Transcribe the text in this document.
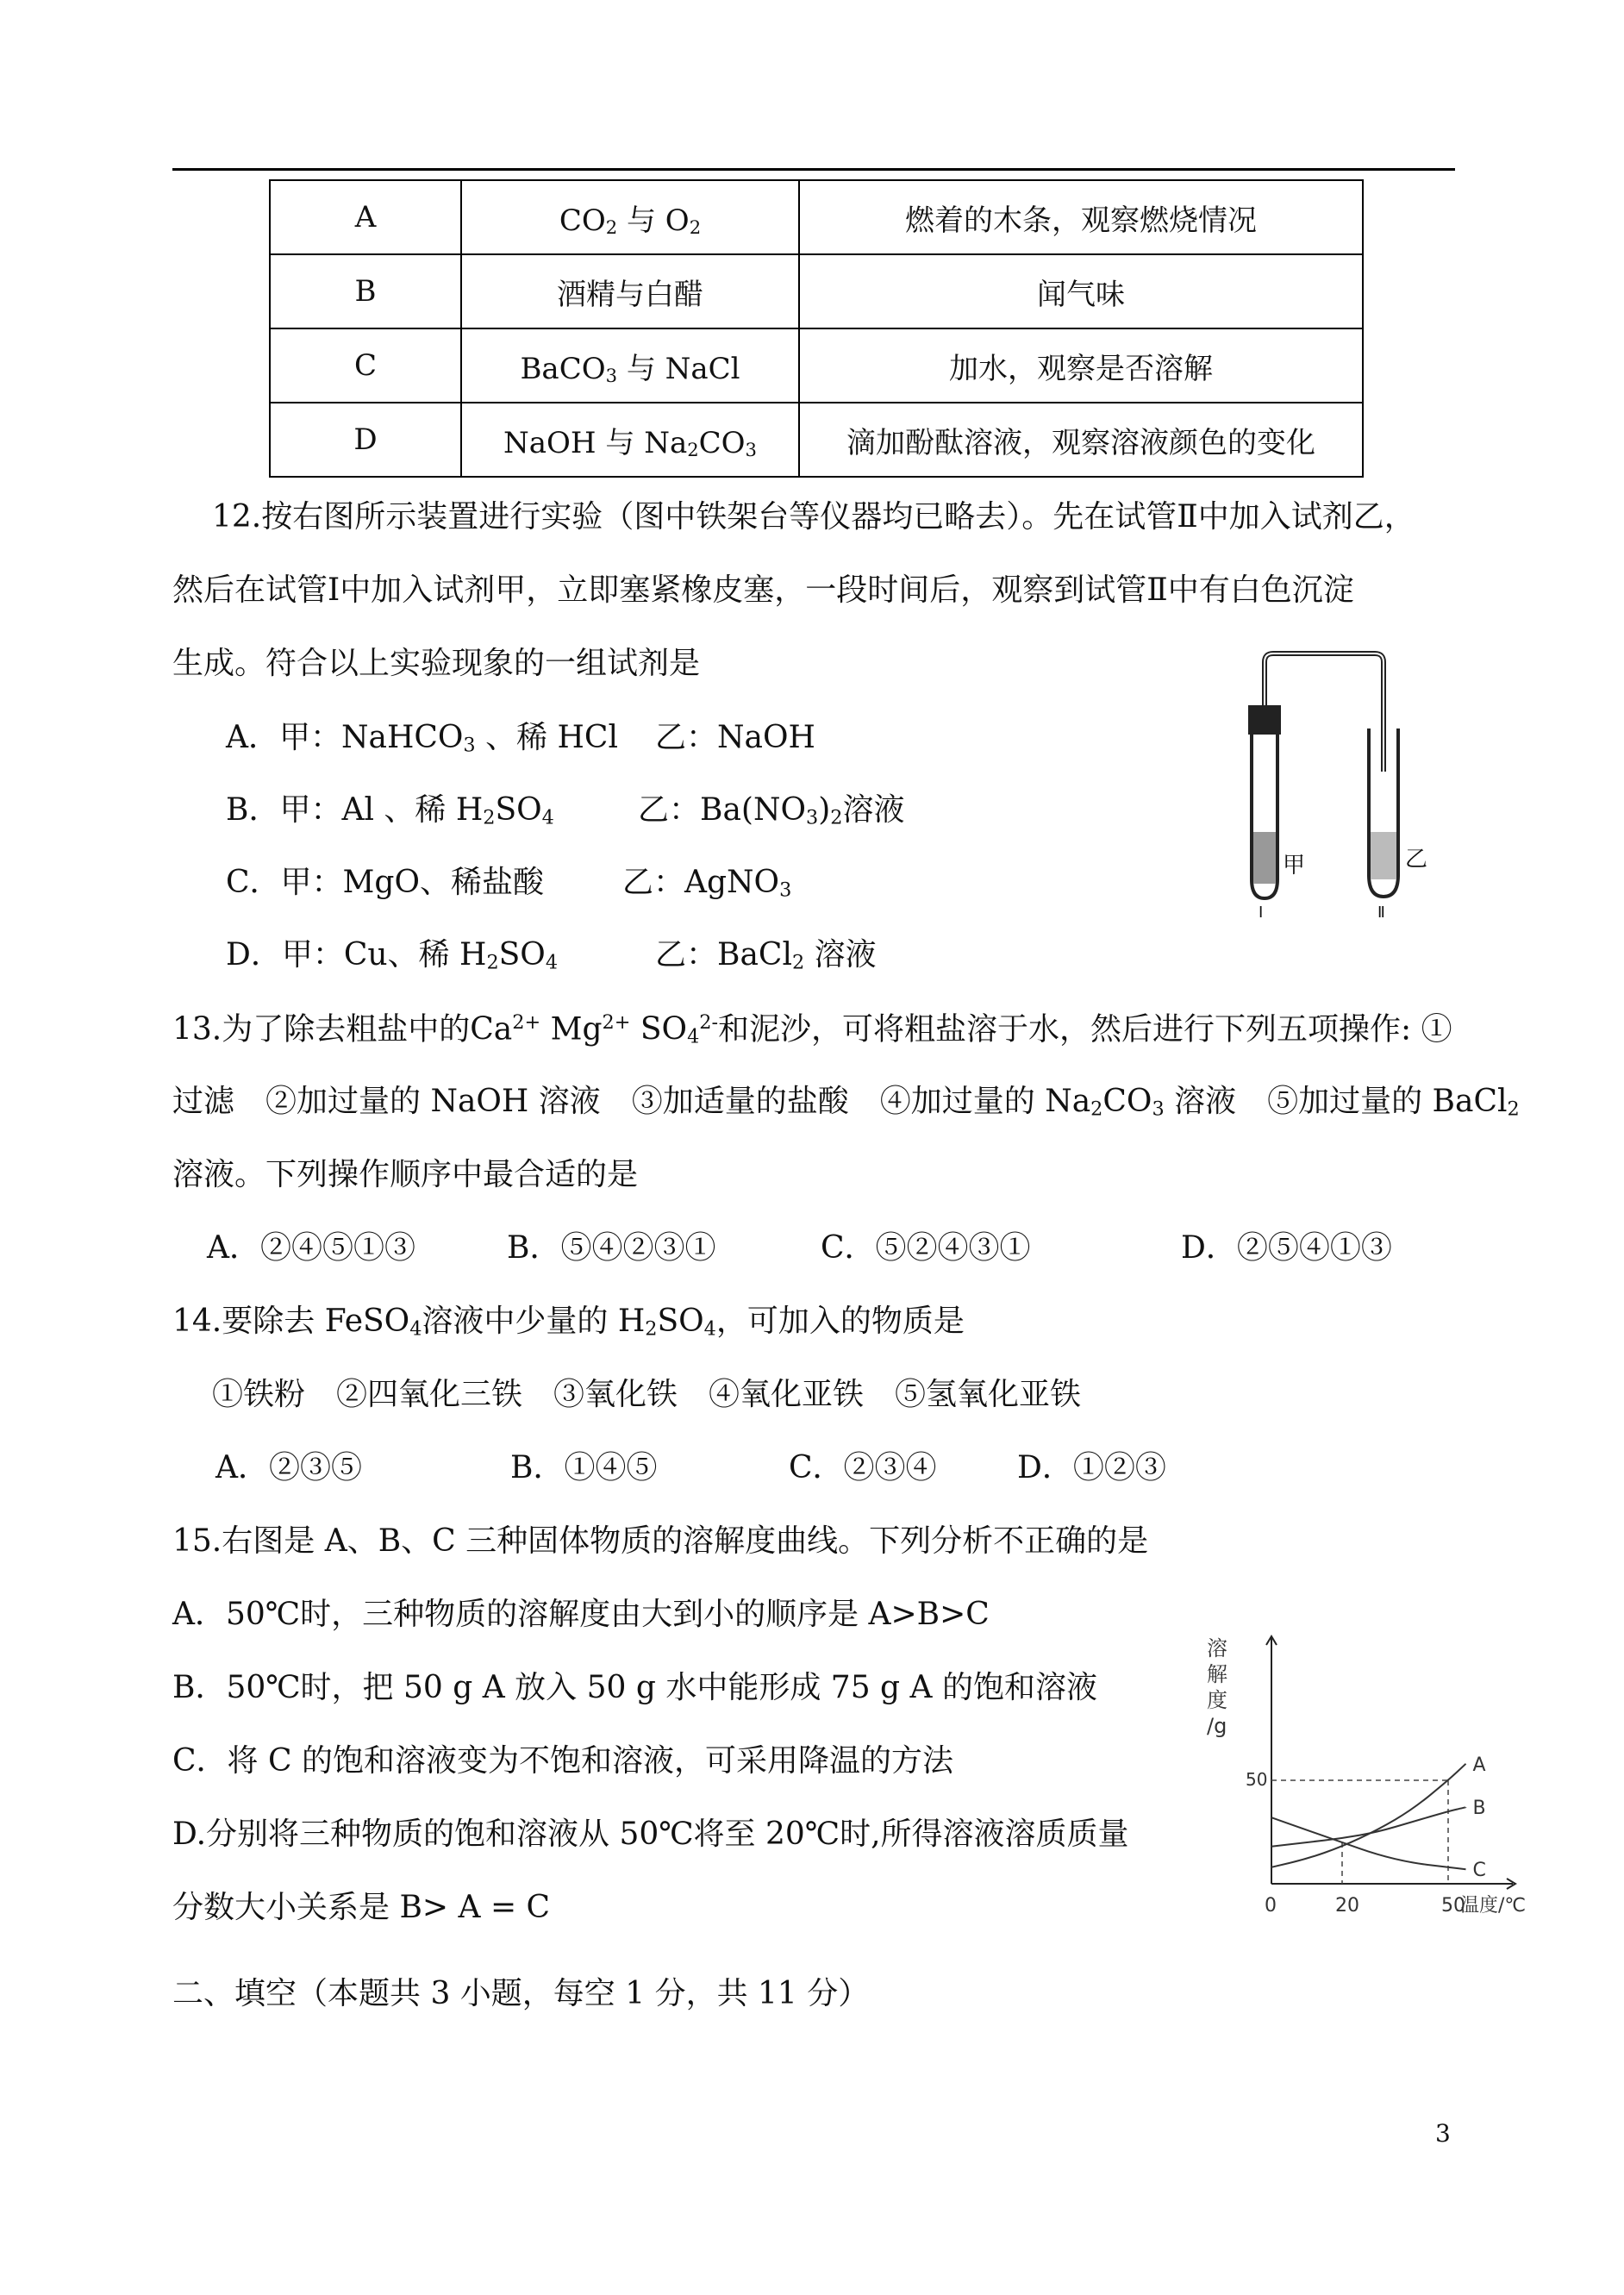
A	$CO_2$ 与 $O_2$	燃着的木条，观察燃烧情况
B	酒精与白醋	闻气味
C	BaCO$_3$ 与 NaCl	加水，观察是否溶解
D	NaOH 与 $Na_2CO_3$	滴加酚酞溶液，观察溶液颜色的变化
12.按右图所示装置进行实验（图中铁架台等仪器均已略去）。先在试管Ⅱ中加入试剂乙，
然后在试管Ⅰ中加入试剂甲，立即塞紧橡皮塞，一段时间后，观察到试管Ⅱ中有白色沉淀
生成。符合以上实验现象的一组试剂是
A．甲：NaHCO$_3$ 、稀 HCl 乙：NaOH
B．甲：Al 、稀 $H_2SO_4$	乙：$Ba(NO_3)_2$溶液
C．甲：MgO、稀盐酸	乙：AgNO$_3$
D．甲：Cu、稀 $H_2SO_4$	乙：BaCl$_2$ 溶液
甲	乙
Ⅰ	Ⅱ
13.为了除去粗盐中的$Ca^{2+}$ $Mg^{2+}$ $SO_4^{2-}$和泥沙，可将粗盐溶于水，然后进行下列五项操作: ①
过滤　②加过量的 NaOH 溶液　③加适量的盐酸　④加过量的 $Na_2CO_3$ 溶液　⑤加过量的 BaCl$_2$
溶液。下列操作顺序中最合适的是
A．②④⑤①③	B．⑤④②③①	C．⑤②④③①	D．②⑤④①③
14.要除去 FeSO$_4$溶液中少量的 $H_2SO_4$，可加入的物质是
①铁粉　②四氧化三铁　③氧化铁　④氧化亚铁　⑤氢氧化亚铁
A．②③⑤	B．①④⑤	C．②③④	D．①②③
15.右图是 A、B、C 三种固体物质的溶解度曲线。下列分析不正确的是
A．50℃时，三种物质的溶解度由大到小的顺序是 A>B>C
B．50℃时，把 50 g A 放入 50 g 水中能形成 75 g A 的饱和溶液
C．将 C 的饱和溶液变为不饱和溶液，可采用降温的方法
D.分别将三种物质的饱和溶液从 50℃将至 20℃时,所得溶液溶质质量
分数大小关系是 B> A = C
溶
解
度
/g
0	20	50
50
温度/℃
A
B
C
二、填空（本题共 3 小题，每空 1 分，共 11 分）
3
